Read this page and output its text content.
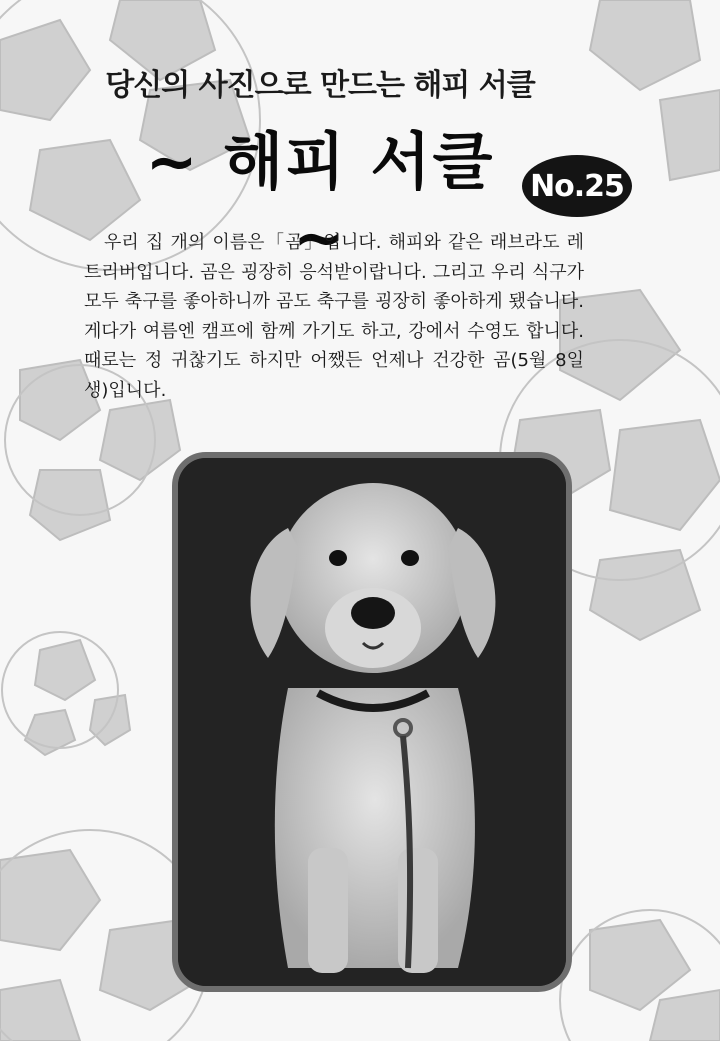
당신의 사진으로 만드는 해피 서클
~ 해피 서클 ~
No.25

우리 집 개의 이름은「곰」입니다. 해피와 같은 래브라도 레트리버입니다. 곰은 굉장히 응석받이랍니다. 그리고 우리 식구가 모두 축구를 좋아하니까 곰도 축구를 굉장히 좋아하게 됐습니다. 게다가 여름엔 캠프에 함께 가기도 하고, 강에서 수영도 합니다. 때로는 정 귀찮기도 하지만 어쨌든 언제나 건강한 곰(5월 8일생)입니다.
